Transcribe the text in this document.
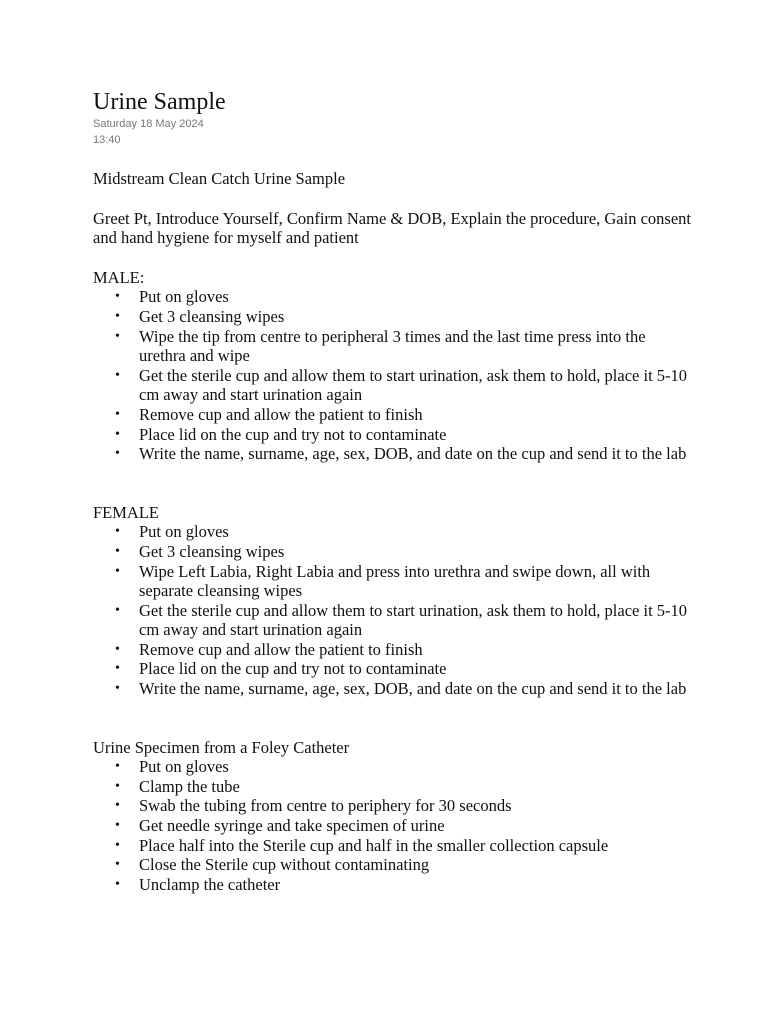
Urine Sample
Saturday 18 May 2024
13:40

Midstream Clean Catch Urine Sample

Greet Pt, Introduce Yourself, Confirm Name & DOB, Explain the procedure, Gain consent and hand hygiene for myself and patient

MALE:

• Put on gloves
• Get 3 cleansing wipes
• Wipe the tip from centre to peripheral 3 times and the last time press into the urethra and wipe
• Get the sterile cup and allow them to start urination, ask them to hold, place it 5-10 cm away and start urination again
• Remove cup and allow the patient to finish
• Place lid on the cup and try not to contaminate
• Write the name, surname, age, sex, DOB, and date on the cup and send it to the lab

FEMALE

• Put on gloves
• Get 3 cleansing wipes
• Wipe Left Labia, Right Labia and press into urethra and swipe down, all with separate cleansing wipes
• Get the sterile cup and allow them to start urination, ask them to hold, place it 5-10 cm away and start urination again
• Remove cup and allow the patient to finish
• Place lid on the cup and try not to contaminate
• Write the name, surname, age, sex, DOB, and date on the cup and send it to the lab

Urine Specimen from a Foley Catheter

• Put on gloves
• Clamp the tube
• Swab the tubing from centre to periphery for 30 seconds
• Get needle syringe and take specimen of urine
• Place half into the Sterile cup and half in the smaller collection capsule
• Close the Sterile cup without contaminating
• Unclamp the catheter
